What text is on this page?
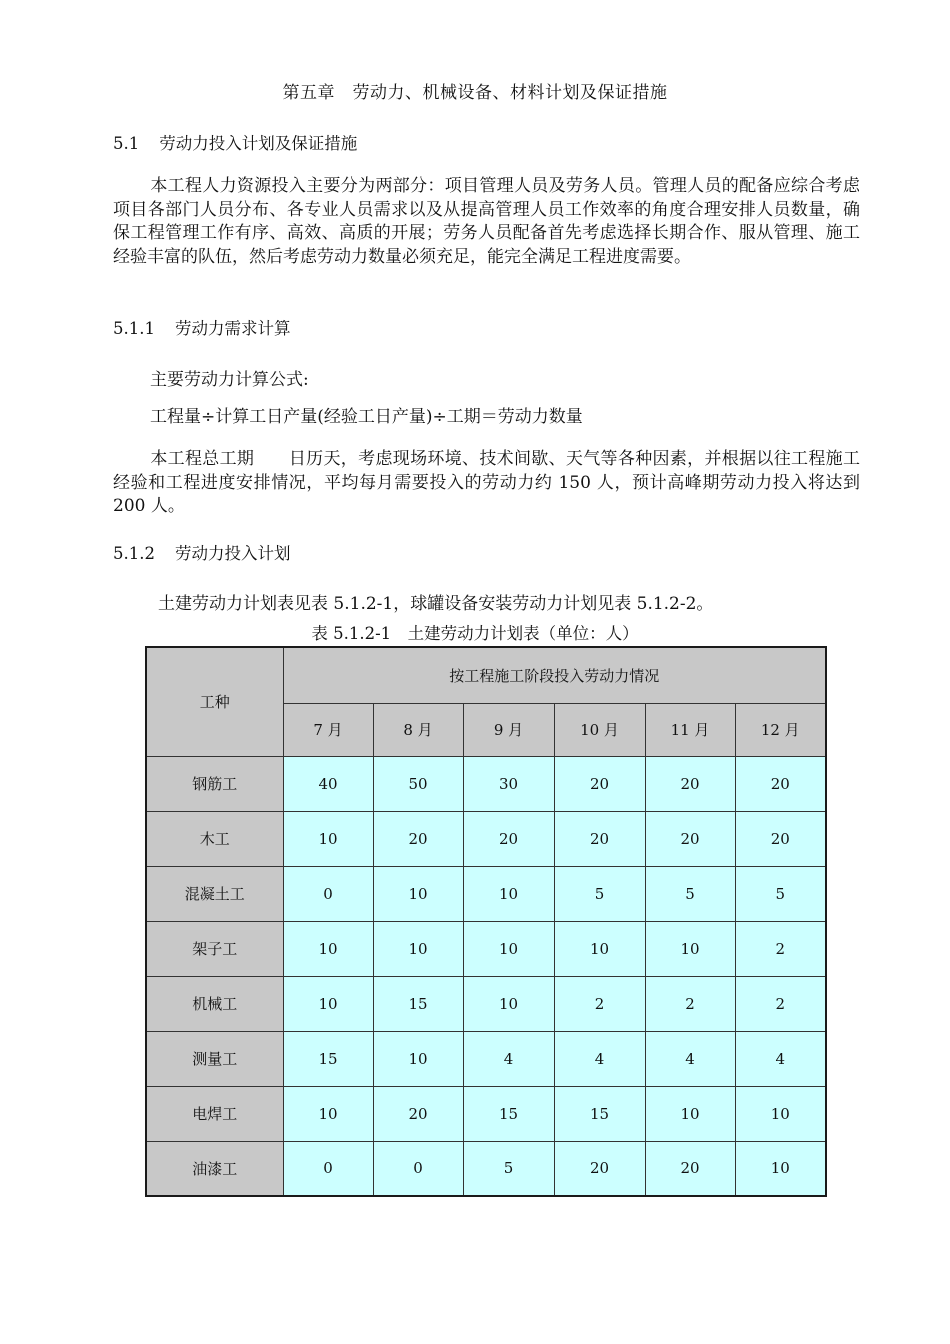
第五章　劳动力、机械设备、材料计划及保证措施
5.1 劳动力投入计划及保证措施
本工程人力资源投入主要分为两部分：项目管理人员及劳务人员。管理人员的配备应综合考虑项目各部门人员分布、各专业人员需求以及从提高管理人员工作效率的角度合理安排人员数量，确保工程管理工作有序、高效、高质的开展；劳务人员配备首先考虑选择长期合作、服从管理、施工经验丰富的队伍，然后考虑劳动力数量必须充足，能完全满足工程进度需要。
5.1.1 劳动力需求计算
主要劳动力计算公式:
工程量÷计算工日产量(经验工日产量)÷工期＝劳动力数量
本工程总工期　　日历天，考虑现场环境、技术间歇、天气等各种因素，并根据以往工程施工经验和工程进度安排情况，平均每月需要投入的劳动力约 150 人，预计高峰期劳动力投入将达到 200 人。
5.1.2 劳动力投入计划
土建劳动力计划表见表 5.1.2-1，球罐设备安装劳动力计划见表 5.1.2-2。
表 5.1.2-1　土建劳动力计划表（单位：人）
工种	按工程施工阶段投入劳动力情况					
	7 月	8 月	9 月	10 月	11 月	12 月
钢筋工	40	50	30	20	20	20
木工	10	20	20	20	20	20
混凝土工	0	10	10	5	5	5
架子工	10	10	10	10	10	2
机械工	10	15	10	2	2	2
测量工	15	10	4	4	4	4
电焊工	10	20	15	15	10	10
油漆工	0	0	5	20	20	10
